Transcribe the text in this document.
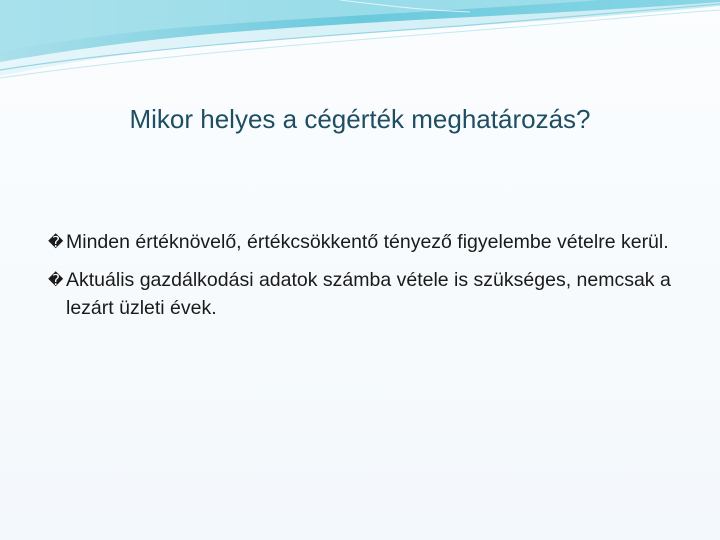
Mikor helyes a cégérték meghatározás?
� Minden értéknövelő, értékcsökkentő tényező figyelembe vételre kerül.
� Aktuális gazdálkodási adatok számba vétele is szükséges, nemcsak a lezárt üzleti évek.
